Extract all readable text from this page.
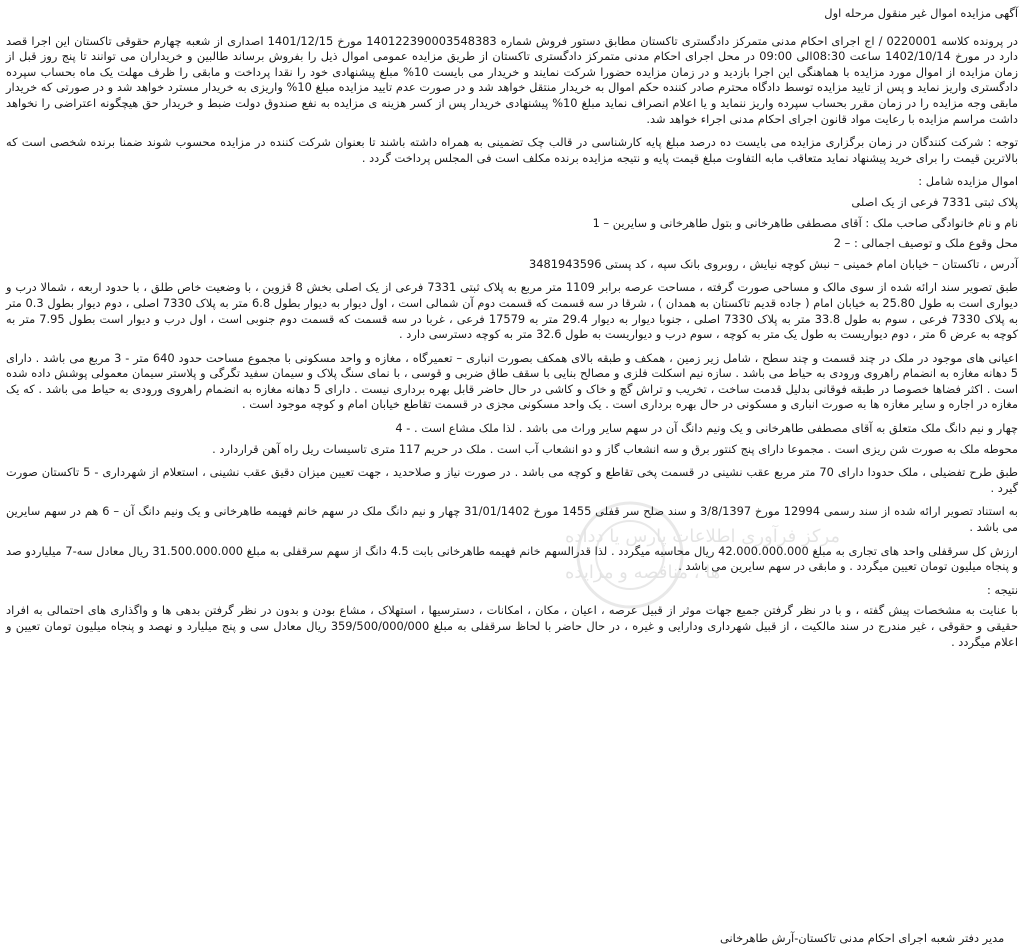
آگهی مزایده اموال غیر منقول مرحله اول

در پرونده کلاسه 0220001 / اج اجرای احکام مدنی متمرکز دادگستری تاکستان مطابق دستور فروش شماره 140122390003548383 مورخ 1401/12/15 اصداری از شعبه چهارم حقوقی تاکستان این اجرا قصد دارد در مورخ 1402/10/14 ساعت 08:30الی 09:00 در محل اجرای احکام مدنی متمرکز دادگستری تاکستان از طریق مزایده عمومی اموال ذیل را بفروش برساند طالبین و خریداران می توانند تا پنج روز قبل از زمان مزایده از اموال مورد مزایده با هماهنگی این اجرا بازدید و در زمان مزایده حضورا شرکت نمایند و خریدار می بایست 10% مبلغ پیشنهادی خود را نقدا پرداخت و مابقی را ظرف مهلت یک ماه بحساب سپرده دادگستری واریز نماید و پس از تایید مزایده توسط دادگاه محترم صادر کننده حکم اموال به خریدار منتقل خواهد شد و در صورت عدم تایید مزایده مبلغ 10% واریزی به خریدار مسترد خواهد شد و در صورتی که خریدار مابقی وجه مزایده را در زمان مقرر بحساب سپرده واریز ننماید و یا اعلام انصراف نماید مبلغ 10% پیشنهادی خریدار پس از کسر هزینه ی مزایده به نفع صندوق دولت ضبط و خریدار حق هیچگونه اعتراضی را نخواهد داشت مراسم مزایده با رعایت مواد قانون اجرای احکام مدنی اجراء خواهد شد.

توجه : شرکت کنندگان در زمان برگزاری مزایده می بایست ده درصد مبلغ پایه کارشناسی در قالب چک تضمینی به همراه داشته باشند تا بعنوان شرکت کننده در مزایده محسوب شوند ضمنا برنده شخصی است که بالاترین قیمت را برای خرید پیشنهاد نماید متعاقب مابه التفاوت مبلغ قیمت پایه و نتیجه مزایده برنده مکلف است فی المجلس پرداخت گردد .

اموال مزایده شامل :

پلاک ثبتی 7331 فرعی از یک اصلی

نام و نام خانوادگی صاحب ملک : آقای مصطفی طاهرخانی و بتول طاهرخانی و سایرین – 1

محل وقوع ملک و توصیف اجمالی : – 2

آدرس ، تاکستان – خیابان امام خمینی – نبش کوچه نیایش ، روبروی بانک سپه ، کد پستی 3481943596

طبق تصویر سند ارائه شده از سوی مالک و مساحی صورت گرفته ، مساحت عرصه برابر 1109 متر مربع به پلاک ثبتی 7331 فرعی از یک اصلی بخش 8 قزوین ، با وضعیت خاص طلق ، با حدود اربعه ، شمالا درب و دیواری است به طول 25.80 به خیابان امام ( جاده قدیم تاکستان به همدان ) ، شرقا در سه قسمت که قسمت دوم آن شمالی است ، اول دیوار به دیوار بطول 6.8 متر به پلاک 7330 اصلی ، دوم دیوار بطول 0.3 متر به پلاک 7330 فرعی ، سوم به طول 33.8 متر به پلاک 7330 اصلی ، جنوبا دیوار به دیوار 29.4 متر به 17579 فرعی ، غربا در سه قسمت که قسمت دوم جنوبی است ، اول درب و دیوار است بطول 7.95 متر به کوچه به عرض 6 متر ، دوم دیواریست به طول یک متر به کوچه ، سوم درب و دیواریست به طول 32.6 متر به کوچه دسترسی دارد .

اعیانی های موجود در ملک در چند قسمت و چند سطح ، شامل زیر زمین ، همکف و طبقه بالای همکف بصورت انباری – تعمیرگاه ، مغازه و واحد مسکونی با مجموع مساحت حدود 640 متر - 3 مربع می باشد . دارای 5 دهانه مغازه به انضمام راهروی ورودی به حیاط می باشد . سازه نیم اسکلت فلزی و مصالح بنایی با سقف طاق ضربی و قوسی ، با نمای سنگ پلاک و سیمان سفید تگرگی و پلاستر سیمان معمولی پوشش داده شده است . اکثر فضاها خصوصا در طبقه فوقانی بدلیل قدمت ساخت ، تخریب و تراش گچ و خاک و کاشی در حال حاضر قابل بهره برداری نیست . دارای 5 دهانه مغازه به انضمام راهروی ورودی به حیاط می باشد . که یک مغازه در اجاره و سایر مغازه ها به صورت انباری و مسکونی در حال بهره برداری است . یک واحد مسکونی مجزی در قسمت تقاطع خیابان امام و کوچه موجود است .

چهار و نیم دانگ ملک متعلق به آقای مصطفی طاهرخانی و یک ونیم دانگ آن در سهم سایر وراث می باشد . لذا ملک مشاع است . - 4

محوطه ملک به صورت شن ریزی است . مجموعا دارای پنج کنتور برق و سه انشعاب گاز و دو انشعاب آب است . ملک در حریم 117 متری تاسیسات ریل راه آهن قراردارد .

طبق طرح تفضیلی ، ملک حدودا دارای 70 متر مربع عقب نشینی در قسمت پخی تقاطع و کوچه می باشد . در صورت نیاز و صلاحدید ، جهت تعیین میزان دقیق عقب نشینی ، استعلام از شهرداری - 5 تاکستان صورت گیرد .

به استناد تصویر ارائه شده از سند رسمی 12994 مورخ 3/8/1397 و سند صلح سر قفلی 1455 مورخ 31/01/1402 چهار و نیم دانگ ملک در سهم خانم فهیمه طاهرخانی و یک ونیم دانگ آن – 6 هم در سهم سایرین می باشد .

ارزش کل سرقفلی واحد های تجاری به مبلغ 42.000.000.000 ریال محاسبه میگردد . لذا قدرالسهم خانم فهیمه طاهرخانی بابت 4.5 دانگ از سهم سرقفلی به مبلغ 31.500.000.000 ریال معادل سه-7 میلیاردو صد و پنجاه میلیون تومان تعیین میگردد . و مابقی در سهم سایرین می باشد .

نتیجه :

با عنایت به مشخصات پیش گفته ، و با در نظر گرفتن جمیع جهات موثر از قبیل عرصه ، اعیان ، مکان ، امکانات ، دسترسیها ، استهلاک ، مشاع بودن و بدون در نظر گرفتن بدهی ها و واگذاری های احتمالی به افراد حقیقی و حقوقی ، غیر مندرج در سند مالکیت ، از قبیل شهرداری ودارایی و غیره ، در حال حاضر با لحاظ سرقفلی به مبلغ 359/500/000/000 ریال معادل سی و پنج میلیارد و نهصد و پنجاه میلیون تومان تعیین و اعلام میگردد .

مرکز فرآوری اطلاعات پارس یا دداده
ها ، مناقصه و مزایده
مدیر دفتر شعبه اجرای احکام مدنی تاکستان-آرش طاهرخانی
